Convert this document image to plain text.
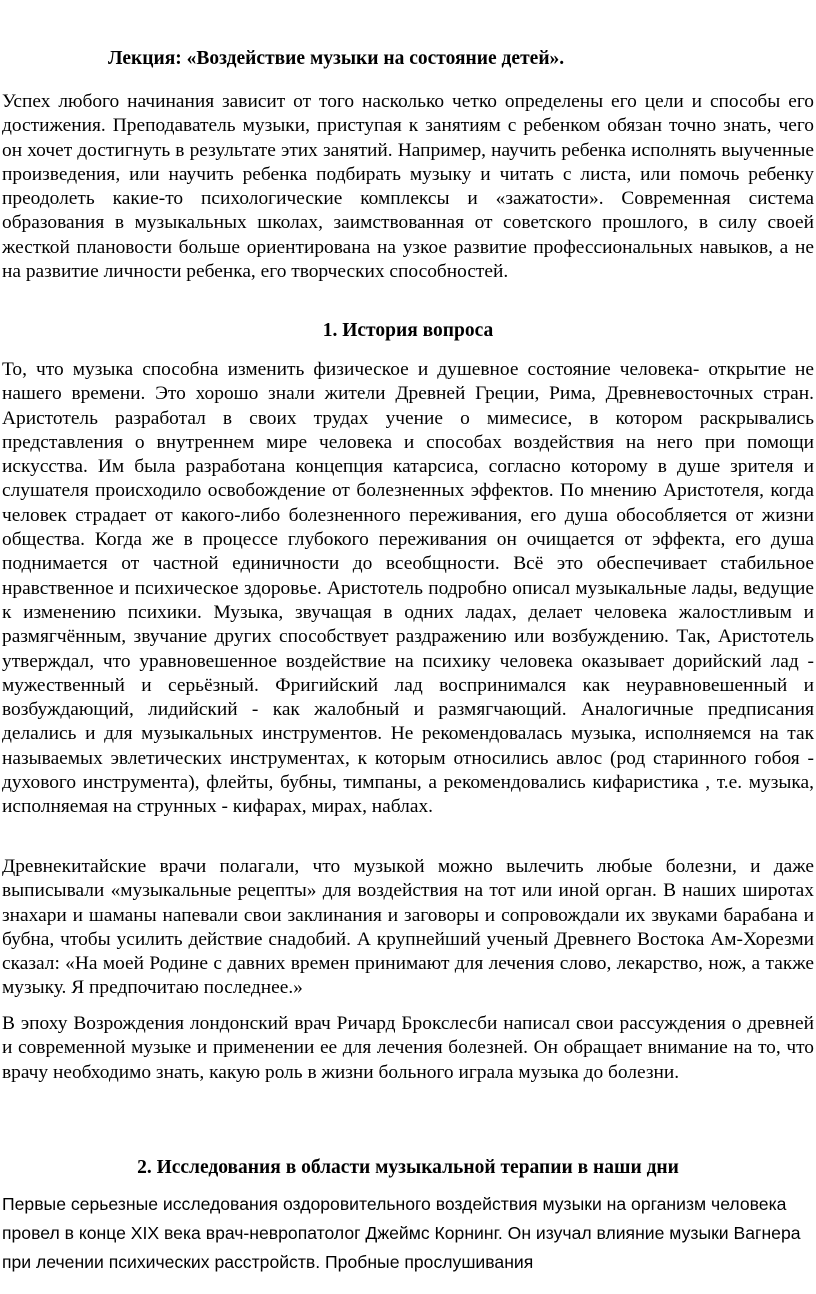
Лекция: «Воздействие музыки на состояние детей».

Успех любого начинания зависит от того насколько четко определены его цели и способы его достижения. Преподаватель музыки, приступая к занятиям с ребенком обязан точно знать, чего он хочет достигнуть в результате этих занятий. Например, научить ребенка исполнять выученные произведения, или научить ребенка подбирать музыку и читать с листа, или помочь ребенку преодолеть какие-то психологические комплексы и «зажатости». Современная система образования в музыкальных школах, заимствованная от советского прошлого, в силу своей жесткой плановости больше ориентирована на узкое развитие профессиональных навыков, а не на развитие личности ребенка, его творческих способностей.

1. История вопроса

То, что музыка способна изменить физическое и душевное состояние человека- открытие не нашего времени. Это хорошо знали жители Древней Греции, Рима, Древневосточных стран. Аристотель разработал в своих трудах учение о мимесисе, в котором раскрывались представления о внутреннем мире человека и способах воздействия на него при помощи искусства. Им была разработана концепция катарсиса, согласно которому в душе зрителя и слушателя происходило освобождение от болезненных эффектов. По мнению Аристотеля, когда человек страдает от какого-либо болезненного переживания, его душа обособляется от жизни общества. Когда же в процессе глубокого переживания он очищается от эффекта, его душа поднимается от частной единичности до всеобщности. Всё это обеспечивает стабильное нравственное и психическое здоровье. Аристотель подробно описал музыкальные лады, ведущие к изменению психики. Музыка, звучащая в одних ладах, делает человека жалостливым и размягчённым, звучание других способствует раздражению или возбуждению. Так, Аристотель утверждал, что уравновешенное воздействие на психику человека оказывает дорийский лад - мужественный и серьёзный. Фригийский лад воспринимался как неуравновешенный и возбуждающий, лидийский - как жалобный и размягчающий. Аналогичные предписания делались и для музыкальных инструментов. Не рекомендовалась музыка, исполняемся на так называемых эвлетических инструментах, к которым относились авлос (род старинного гобоя - духового инструмента), флейты, бубны, тимпаны, а рекомендовались кифаристика , т.е. музыка, исполняемая на струнных - кифарах, мирах, наблах.

Древнекитайские врачи полагали, что музыкой можно вылечить любые болезни, и даже выписывали «музыкальные рецепты» для воздействия на тот или иной орган. В наших широтах знахари и шаманы напевали свои заклинания и заговоры и сопровождали их звуками барабана и бубна, чтобы усилить действие снадобий. А крупнейший ученый Древнего Востока Ам-Хорезми сказал: «На моей Родине с давних времен принимают для лечения слово, лекарство, нож, а также музыку. Я предпочитаю последнее.»

В эпоху Возрождения лондонский врач Ричард Брокслесби написал свои рассуждения о древней и современной музыке и применении ее для лечения болезней. Он обращает внимание на то, что врачу необходимо знать, какую роль в жизни больного играла музыка до болезни.

2. Исследования в области музыкальной терапии в наши дни

Первые серьезные исследования оздоровительного воздействия музыки на организм человека провел в конце XIX века врач-невропатолог Джеймс Корнинг. Он изучал влияние музыки Вагнера при лечении психических расстройств. Пробные прослушивания
